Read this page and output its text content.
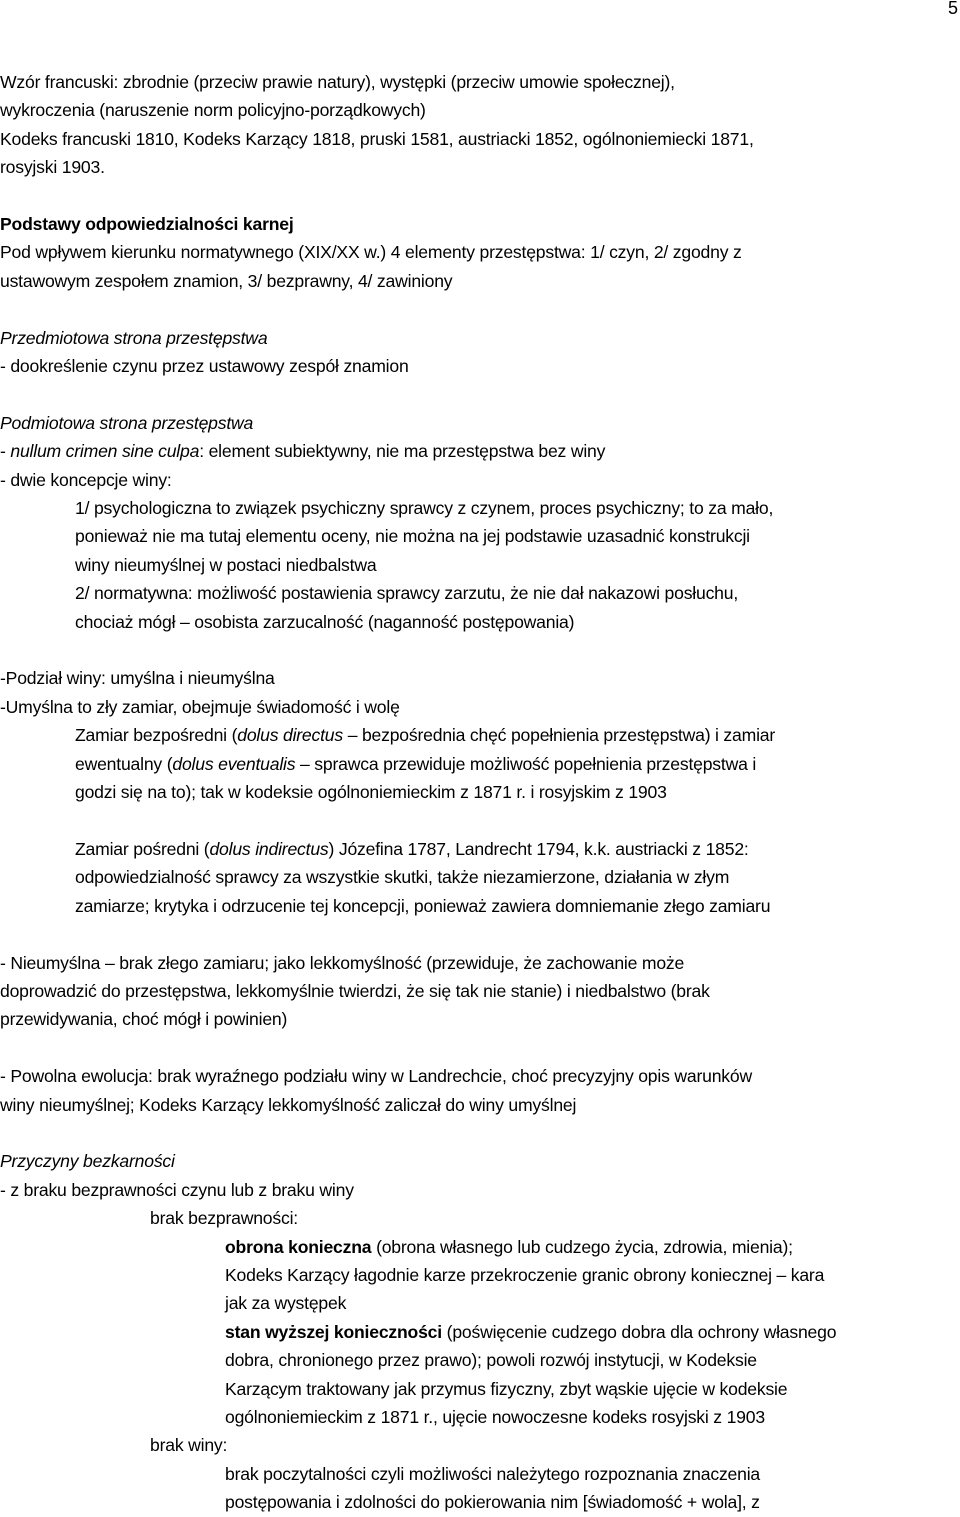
5

Wzór francuski: zbrodnie (przeciw prawie natury), występki (przeciw umowie społecznej),

wykroczenia (naruszenie norm policyjno-porządkowych)

Kodeks francuski 1810, Kodeks Karzący 1818, pruski 1581, austriacki 1852, ogólnoniemiecki 1871,

rosyjski 1903.

Podstawy odpowiedzialności karnej

Pod wpływem kierunku normatywnego (XIX/XX w.) 4 elementy przestępstwa: 1/ czyn, 2/ zgodny z

ustawowym zespołem znamion, 3/ bezprawny, 4/ zawiniony

Przedmiotowa strona przestępstwa

- dookreślenie czynu przez ustawowy zespół znamion

Podmiotowa strona przestępstwa

- nullum crimen sine culpa: element subiektywny, nie ma przestępstwa bez winy

- dwie koncepcje winy:

1/ psychologiczna to związek psychiczny sprawcy z czynem, proces psychiczny; to za mało,

ponieważ nie ma tutaj elementu oceny, nie można na jej podstawie uzasadnić konstrukcji

winy nieumyślnej w postaci niedbalstwa

2/ normatywna: możliwość postawienia sprawcy zarzutu, że nie dał nakazowi posłuchu,

chociaż mógł – osobista zarzucalność (naganność postępowania)

-Podział winy: umyślna i nieumyślna

-Umyślna to zły zamiar, obejmuje świadomość i wolę

Zamiar bezpośredni (dolus directus – bezpośrednia chęć popełnienia przestępstwa) i zamiar

ewentualny (dolus eventualis – sprawca przewiduje możliwość popełnienia przestępstwa i

godzi się na to); tak w kodeksie ogólnoniemieckim z 1871 r. i rosyjskim z 1903

Zamiar pośredni (dolus indirectus) Józefina 1787, Landrecht 1794, k.k. austriacki z 1852:

odpowiedzialność sprawcy za wszystkie skutki, także niezamierzone, działania w złym

zamiarze; krytyka i odrzucenie tej koncepcji, ponieważ zawiera domniemanie złego zamiaru

- Nieumyślna – brak złego zamiaru; jako lekkomyślność (przewiduje, że zachowanie może

doprowadzić do przestępstwa, lekkomyślnie twierdzi, że się tak nie stanie) i niedbalstwo (brak

przewidywania, choć mógł i powinien)

- Powolna ewolucja: brak wyraźnego podziału winy w Landrechcie, choć precyzyjny opis warunków

winy nieumyślnej; Kodeks Karzący lekkomyślność zaliczał do winy umyślnej

Przyczyny bezkarności

- z braku bezprawności czynu lub z braku winy

brak bezprawności:

obrona konieczna (obrona własnego lub cudzego życia, zdrowia, mienia);

Kodeks Karzący łagodnie karze przekroczenie granic obrony koniecznej – kara

jak za występek

stan wyższej konieczności (poświęcenie cudzego dobra dla ochrony własnego

dobra, chronionego przez prawo); powoli rozwój instytucji, w Kodeksie

Karzącym traktowany jak przymus fizyczny, zbyt wąskie ujęcie w kodeksie

ogólnoniemieckim z 1871 r., ujęcie nowoczesne kodeks rosyjski z 1903

brak winy:

brak poczytalności czyli możliwości należytego rozpoznania znaczenia

postępowania i zdolności do pokierowania nim [świadomość + wola], z
